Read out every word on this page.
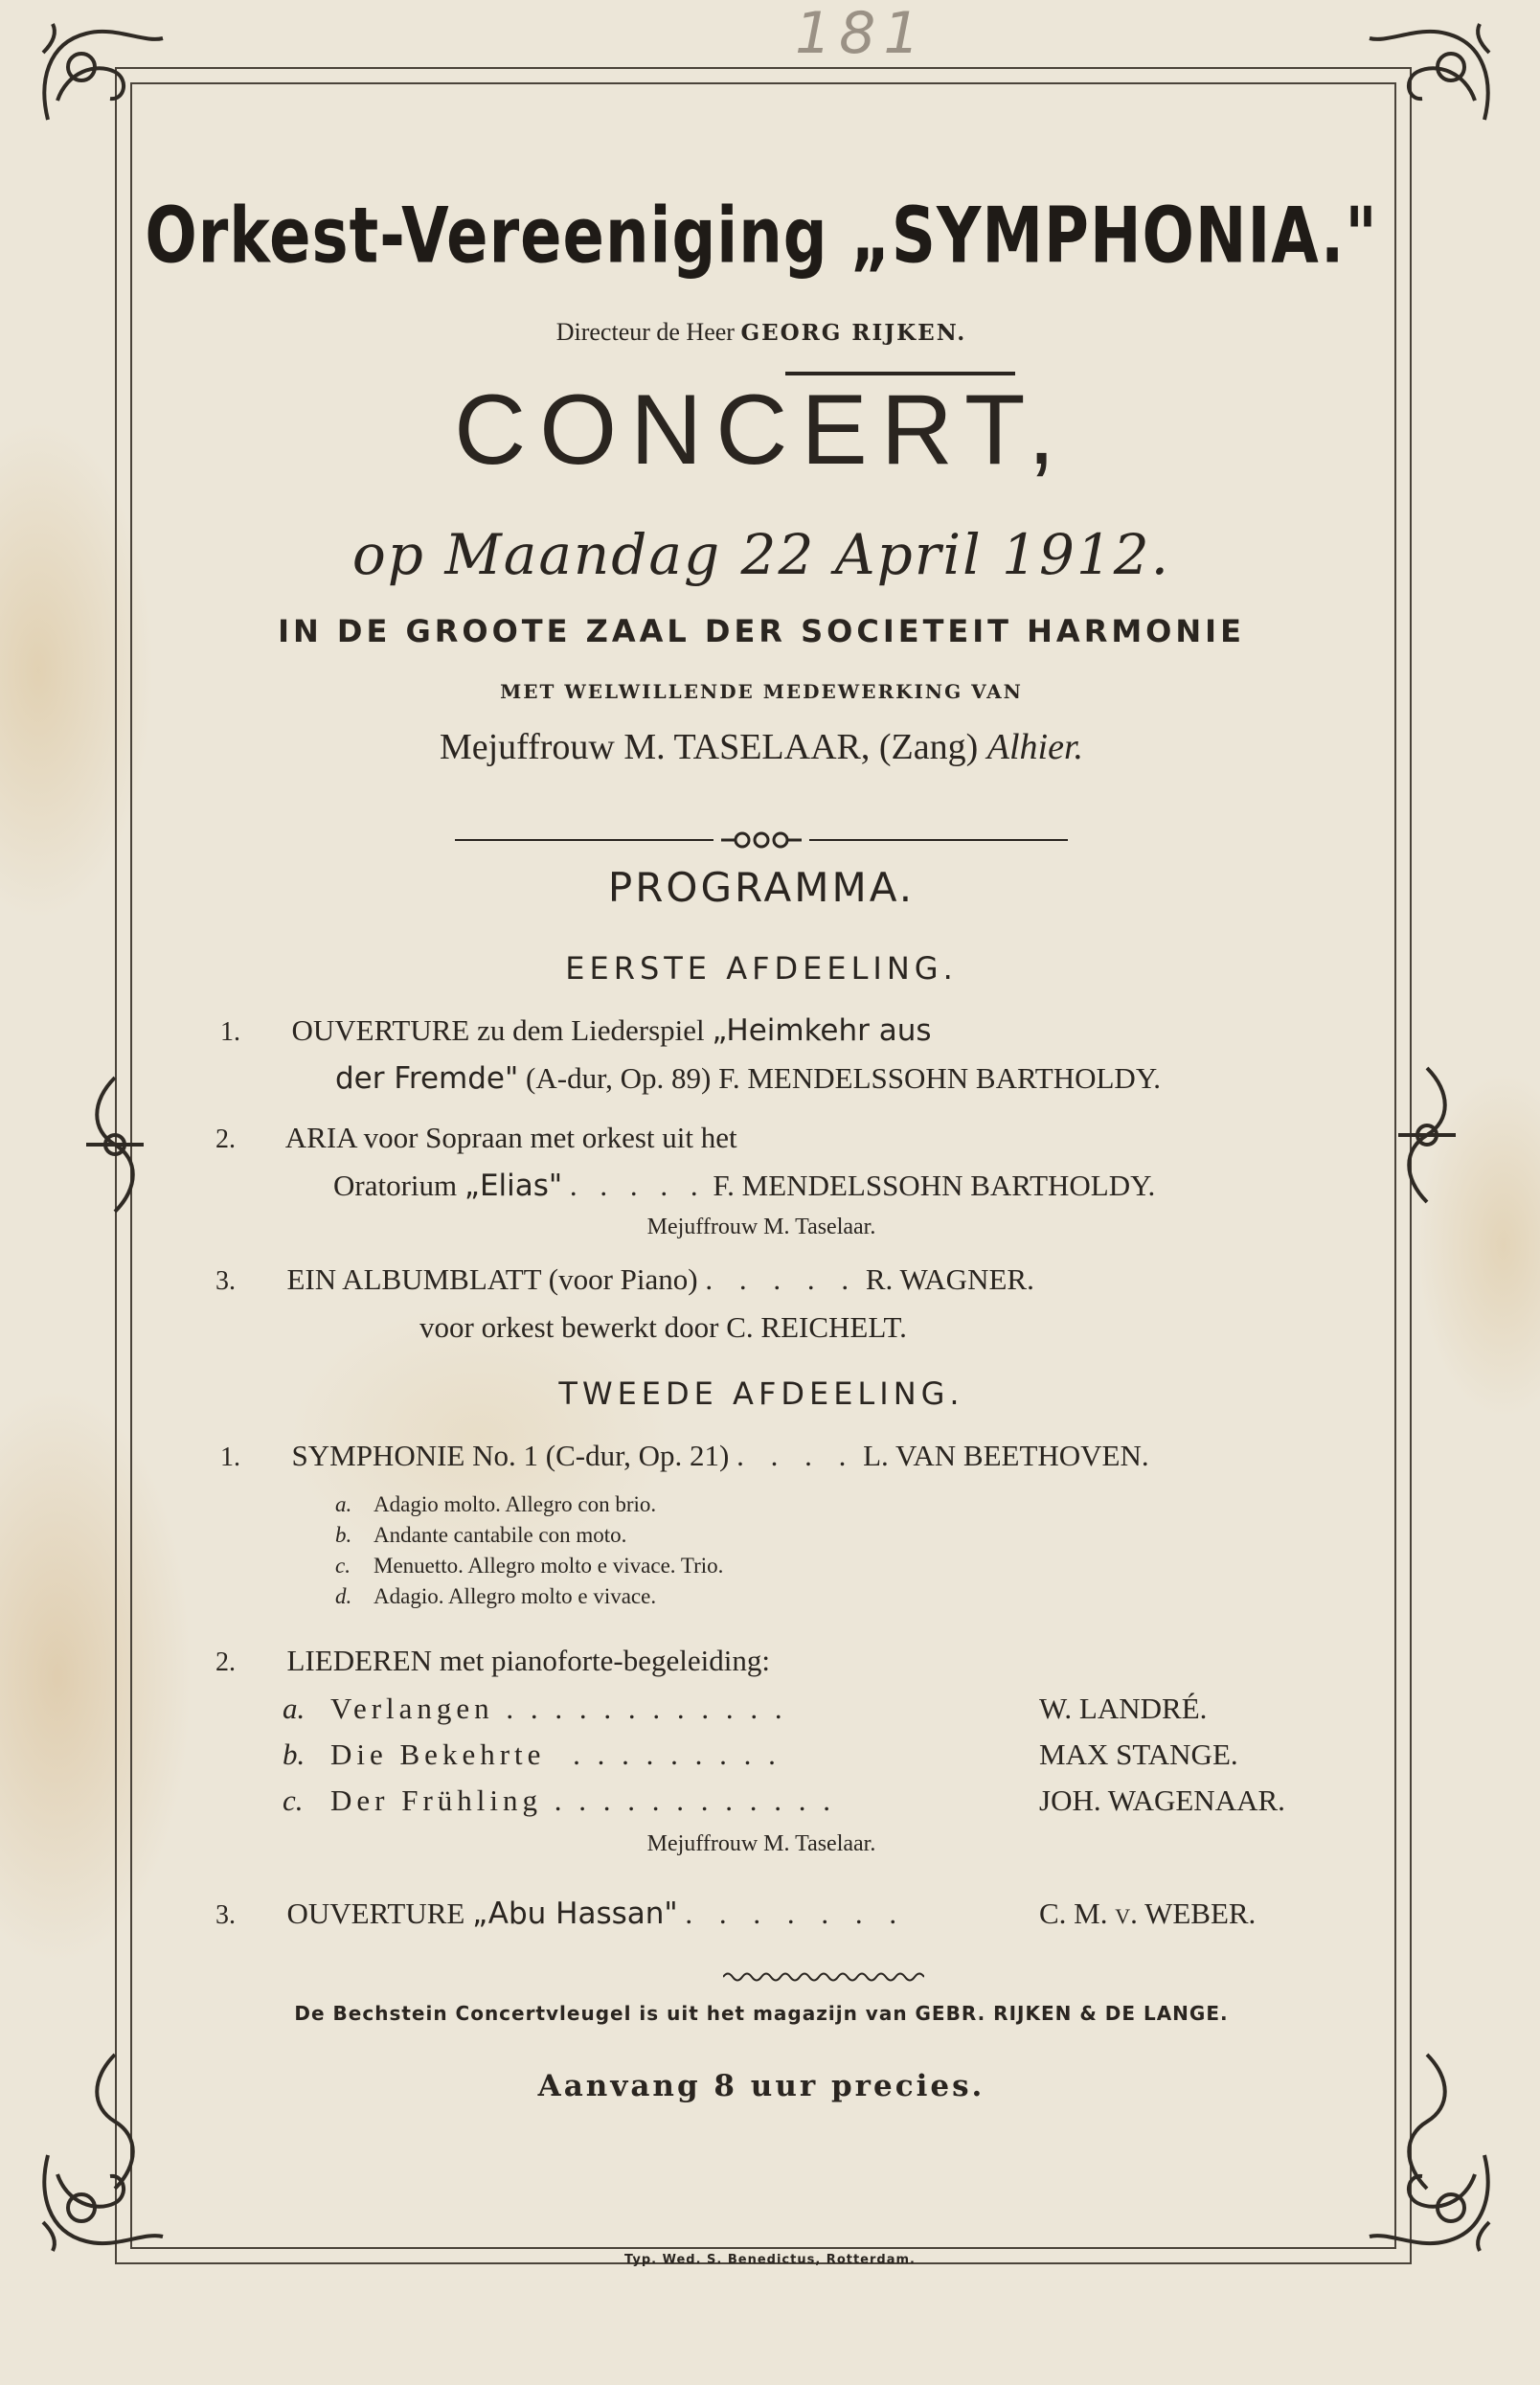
181
Orkest-Vereeniging „SYMPHONIA."
Directeur de Heer GEORG RIJKEN.
CONCERT,
op Maandag 22 April 1912.
IN DE GROOTE ZAAL DER SOCIETEIT HARMONIE
MET WELWILLENDE MEDEWERKING VAN
Mejuffrouw M. TASELAAR, (Zang) Alhier.
PROGRAMMA.
EERSTE AFDEELING.
1. OUVERTURE zu dem Liederspiel „Heimkehr aus
der Fremde" (A-dur, Op. 89) F. MENDELSSOHN BARTHOLDY.
2. ARIA voor Sopraan met orkest uit het
Oratorium „Elias" . . . . . F. MENDELSSOHN BARTHOLDY.
Mejuffrouw M. Taselaar.
3. EIN ALBUMBLATT (voor Piano) . . . . . R. WAGNER.
voor orkest bewerkt door C. REICHELT.
TWEEDE AFDEELING.
1. SYMPHONIE No. 1 (C-dur, Op. 21) . . . . L. VAN BEETHOVEN.
a. Adagio molto. Allegro con brio.
b. Andante cantabile con moto.
c. Menuetto. Allegro molto e vivace. Trio.
d. Adagio. Allegro molto e vivace.
2. LIEDEREN met pianoforte-begeleiding:
a. Verlangen . . . . . . . . . . . .	W. LANDRÉ.
b. Die Bekehrte . . . . . . . . .	MAX STANGE.
c. Der Frühling . . . . . . . . . . . .	JOH. WAGENAAR.
Mejuffrouw M. Taselaar.
3. OUVERTURE „Abu Hassan" . . . . . . .	C. M. v. WEBER.
De Bechstein Concertvleugel is uit het magazijn van GEBR. RIJKEN & DE LANGE.
Aanvang 8 uur precies.
Typ. Wed. S. Benedictus, Rotterdam.
